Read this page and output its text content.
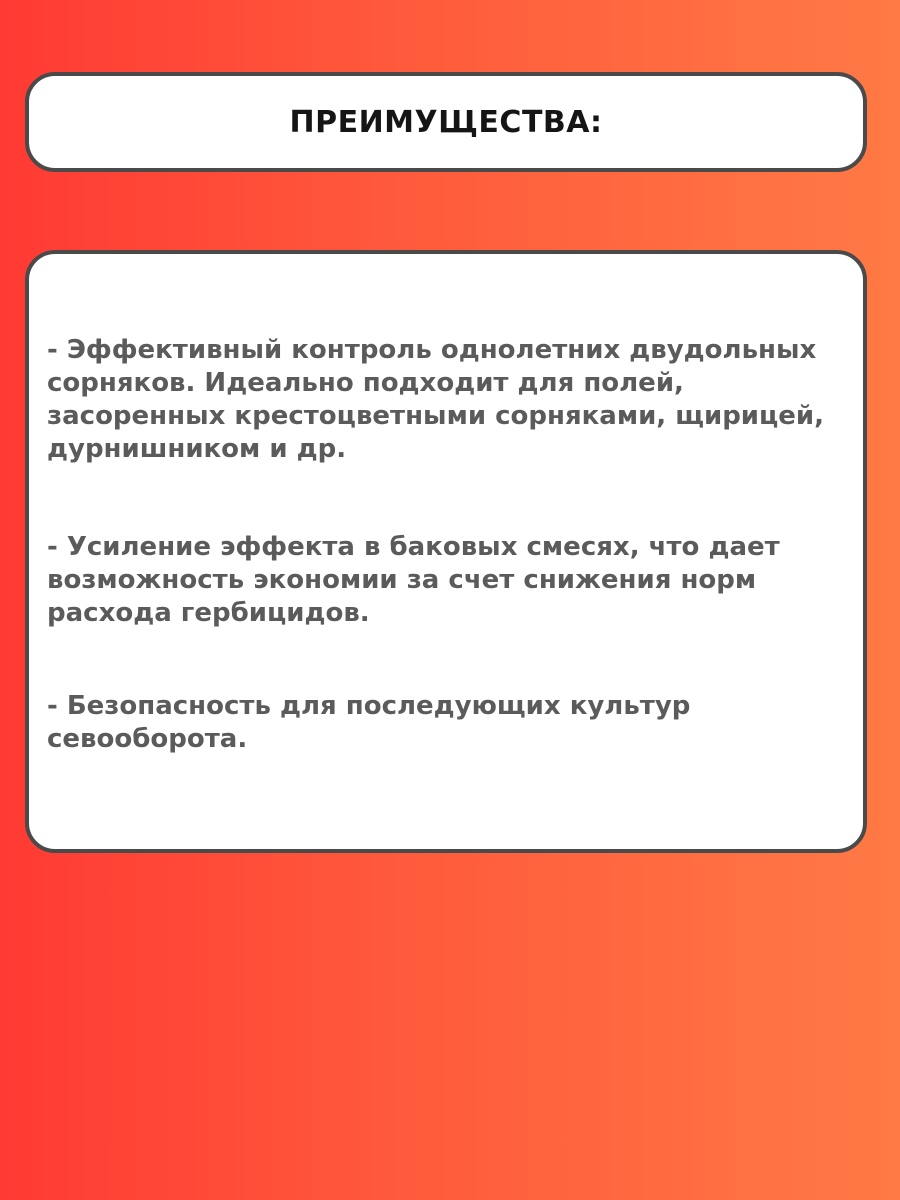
ПРЕИМУЩЕСТВА:

- Эффективный контроль однолетних двудольных сорняков. Идеально подходит для полей, засоренных крестоцветными сорняками, щирицей, дурнишником и др.

- Усиление эффекта в баковых смесях, что дает возможность экономии за счет снижения норм расхода гербицидов.

- Безопасность для последующих культур севооборота.
